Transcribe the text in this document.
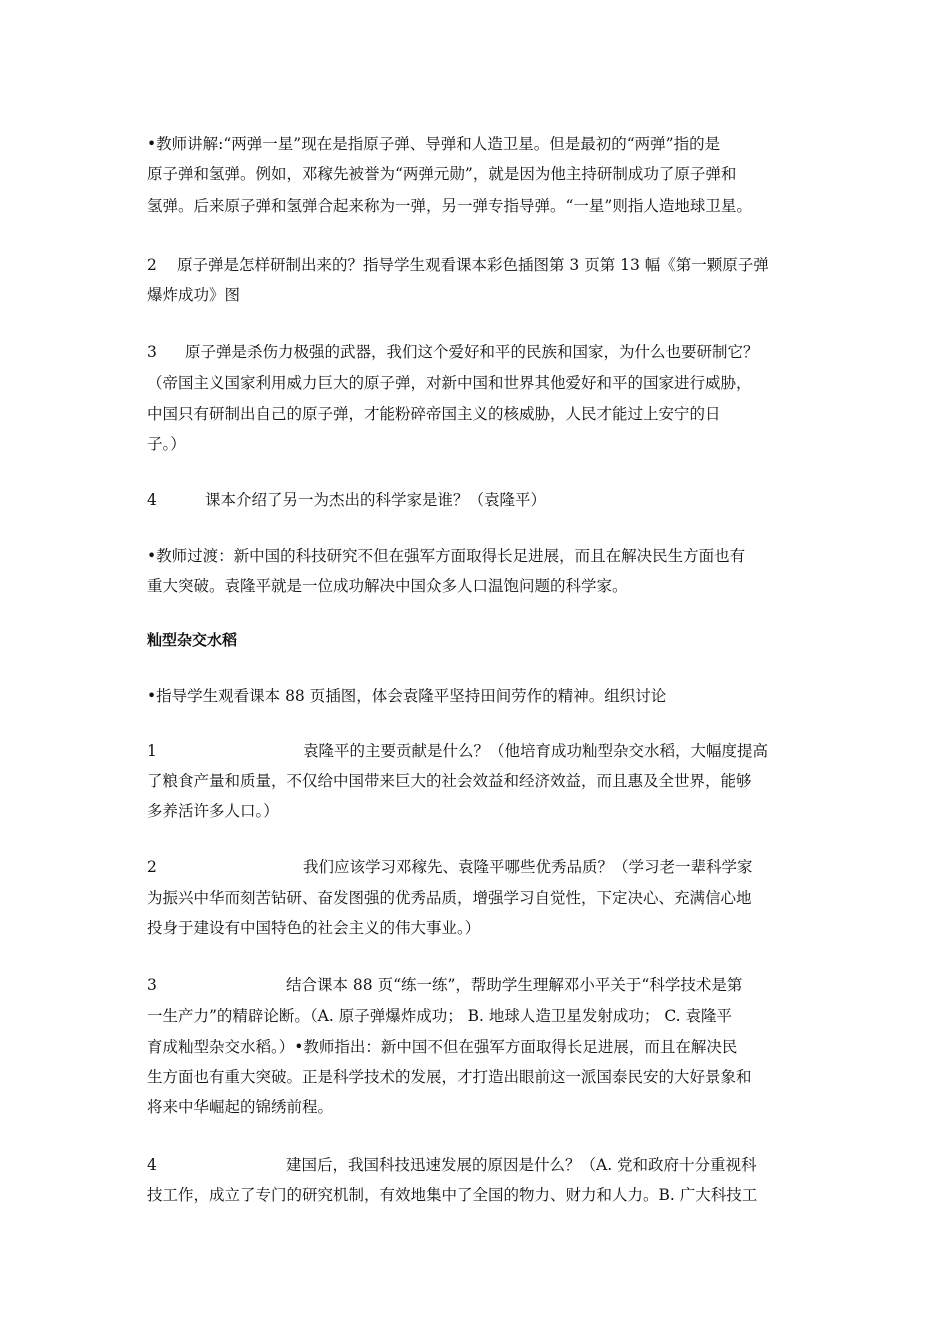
•教师讲解:“两弹一星”现在是指原子弹、导弹和人造卫星。但是最初的“两弹”指的是
原子弹和氢弹。例如，邓稼先被誉为“两弹元勋”，就是因为他主持研制成功了原子弹和
氢弹。后来原子弹和氢弹合起来称为一弹，另一弹专指导弹。“一星”则指人造地球卫星。
2 原子弹是怎样研制出来的？指导学生观看课本彩色插图第 3 页第 13 幅《第一颗原子弹
爆炸成功》图
3 原子弹是杀伤力极强的武器，我们这个爱好和平的民族和国家，为什么也要研制它？
（帝国主义国家利用威力巨大的原子弹，对新中国和世界其他爱好和平的国家进行威胁，
中国只有研制出自己的原子弹，才能粉碎帝国主义的核威胁，人民才能过上安宁的日
子。）
4	课本介绍了另一为杰出的科学家是谁？（袁隆平）
•教师过渡：新中国的科技研究不但在强军方面取得长足进展，而且在解决民生方面也有
重大突破。袁隆平就是一位成功解决中国众多人口温饱问题的科学家。
籼型杂交水稻
•指导学生观看课本 88 页插图，体会袁隆平坚持田间劳作的精神。组织讨论
1	袁隆平的主要贡献是什么？（他培育成功籼型杂交水稻，大幅度提高
了粮食产量和质量，不仅给中国带来巨大的社会效益和经济效益，而且惠及全世界，能够
多养活许多人口。）
2	我们应该学习邓稼先、袁隆平哪些优秀品质？（学习老一辈科学家
为振兴中华而刻苦钻研、奋发图强的优秀品质，增强学习自觉性，下定决心、充满信心地
投身于建设有中国特色的社会主义的伟大事业。）
3	结合课本 88 页“练一练”，帮助学生理解邓小平关于“科学技术是第
一生产力”的精辟论断。（A. 原子弹爆炸成功； B. 地球人造卫星发射成功； C. 袁隆平
育成籼型杂交水稻。）•教师指出：新中国不但在强军方面取得长足进展，而且在解决民
生方面也有重大突破。正是科学技术的发展，才打造出眼前这一派国泰民安的大好景象和
将来中华崛起的锦绣前程。
4	建国后，我国科技迅速发展的原因是什么？（A. 党和政府十分重视科
技工作，成立了专门的研究机制，有效地集中了全国的物力、财力和人力。B. 广大科技工
